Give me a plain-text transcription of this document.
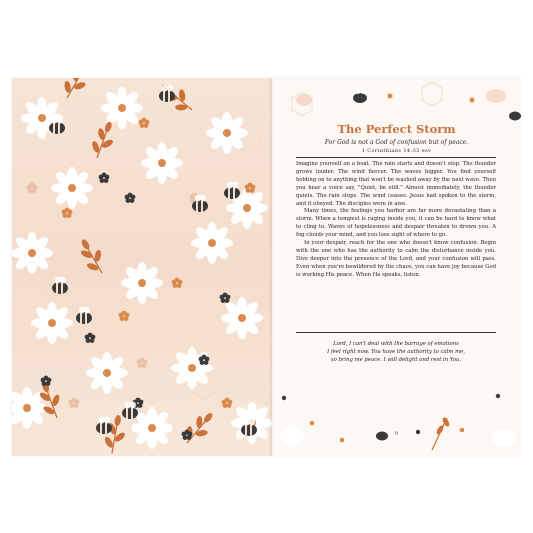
The Perfect Storm
For God is not a God of confusion but of peace.
1 Corinthians 14:33 esv

Imagine yourself on a boat. The rain starts and doesn't stop. The thunder grows louder. The wind fiercer. The waves bigger. You find yourself holding on to anything that won't be washed away by the next wave. Then you hear a voice say, "Quiet, be still." Almost immediately, the thunder quiets. The rain stops. The wind ceases. Jesus had spoken to the storm, and it obeyed. The disciples were in awe.

Many times, the feelings you harbor are far more devastating than a storm. When a tempest is raging inside you, it can be hard to know what to cling to. Waves of hopelessness and despair threaten to drown you. A fog clouds your mind, and you lose sight of where to go.

In your despair, reach for the one who doesn't know confusion. Begin with the one who has the authority to calm the disturbance inside you. Dive deeper into the presence of the Lord, and your confusion will pass. Even when you're bewildered by the chaos, you can have joy because God is working His peace. When He speaks, listen.

Lord, I can't deal with the barrage of emotions
I feel right now. You have the authority to calm me,
so bring me peace. I will delight and rest in You.
9
